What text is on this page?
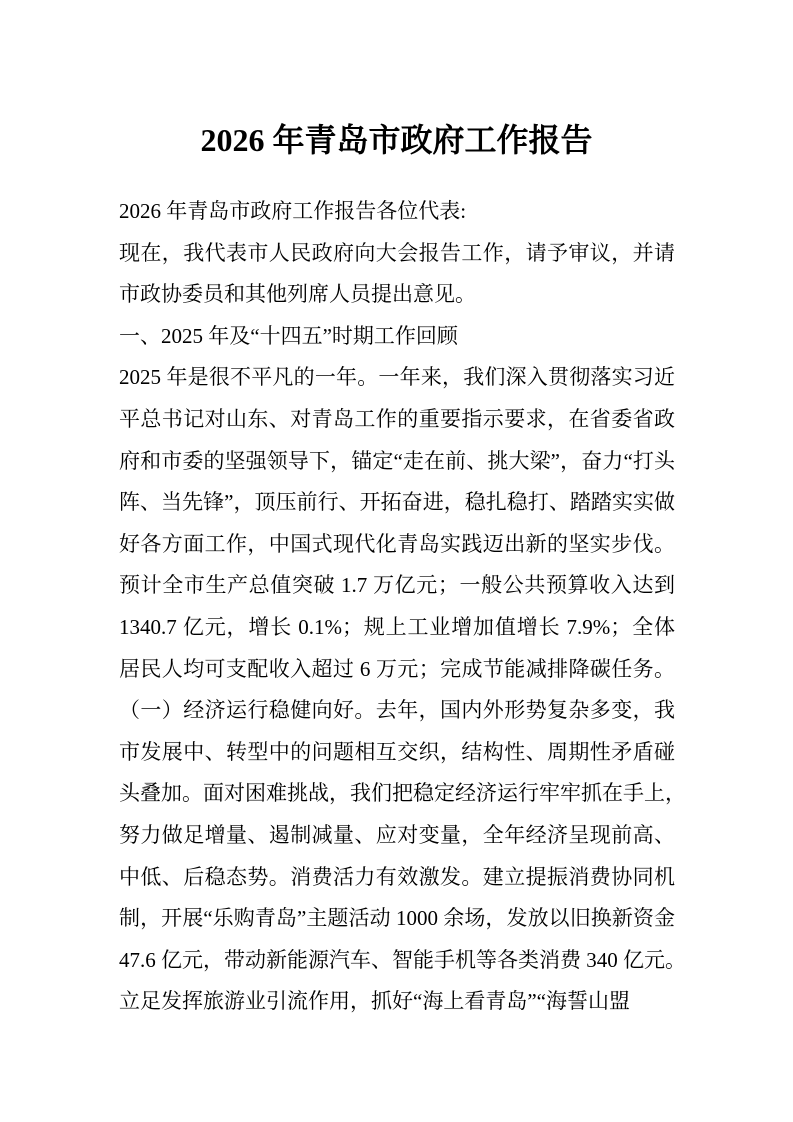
2026 年青岛市政府工作报告
2026 年青岛市政府工作报告各位代表:
现在，我代表市人民政府向大会报告工作，请予审议，并请
市政协委员和其他列席人员提出意见。
一、2025 年及“十四五”时期工作回顾
2025 年是很不平凡的一年。一年来，我们深入贯彻落实习近
平总书记对山东、对青岛工作的重要指示要求，在省委省政
府和市委的坚强领导下，锚定“走在前、挑大梁”，奋力“打头
阵、当先锋”，顶压前行、开拓奋进，稳扎稳打、踏踏实实做
好各方面工作，中国式现代化青岛实践迈出新的坚实步伐。
预计全市生产总值突破 1.7 万亿元；一般公共预算收入达到
1340.7 亿元，增长 0.1%；规上工业增加值增长 7.9%；全体
居民人均可支配收入超过 6 万元；完成节能减排降碳任务。
（一）经济运行稳健向好。去年，国内外形势复杂多变，我
市发展中、转型中的问题相互交织，结构性、周期性矛盾碰
头叠加。面对困难挑战，我们把稳定经济运行牢牢抓在手上，
努力做足增量、遏制减量、应对变量，全年经济呈现前高、
中低、后稳态势。消费活力有效激发。建立提振消费协同机
制，开展“乐购青岛”主题活动 1000 余场，发放以旧换新资金
47.6 亿元，带动新能源汽车、智能手机等各类消费 340 亿元。
立足发挥旅游业引流作用，抓好“海上看青岛”“海誓山盟
